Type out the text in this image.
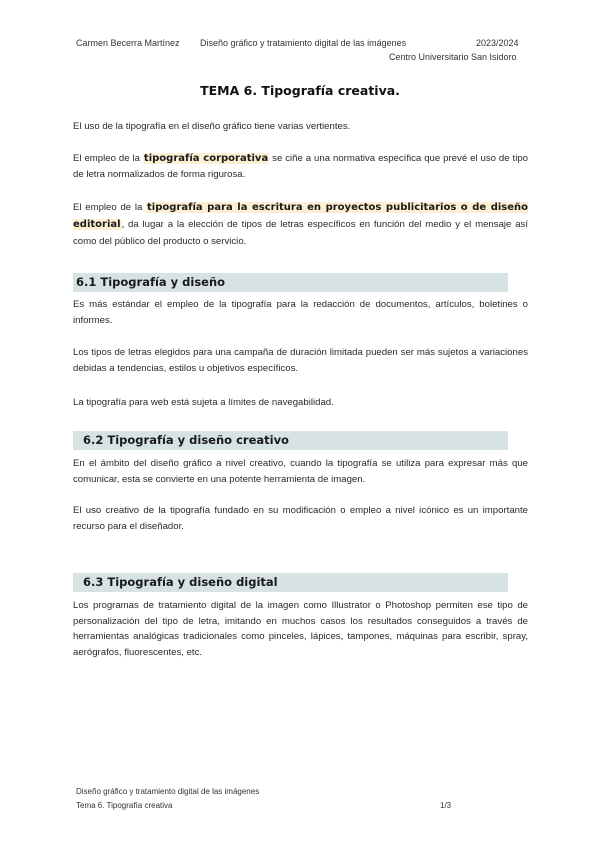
Carmen Becerra Martínez Diseño gráfico y tratamiento digital de las imágenes	2023/2024
Centro Universitario San Isidoro
TEMA 6. Tipografía creativa.
El uso de la tipografía en el diseño gráfico tiene varias vertientes.
El empleo de la tipografía corporativa se ciñe a una normativa específica que prevé el uso de tipo de letra normalizados de forma rigurosa.
El empleo de la tipografía para la escritura en proyectos publicitarios o de diseño editorial, da lugar a la elección de tipos de letras específicos en función del medio y el mensaje así como del público del producto o servicio.
6.1 Tipografía y diseño
Es más estándar el empleo de la tipografía para la redacción de documentos, artículos, boletines o informes.
Los tipos de letras elegidos para una campaña de duración limitada pueden ser más sujetos a variaciones debidas a tendencias, estilos u objetivos específicos.
La tipografía para web está sujeta a límites de navegabilidad.
6.2 Tipografía y diseño creativo
En el ámbito del diseño gráfico a nivel creativo, cuando la tipografía se utiliza para expresar más que comunicar, esta se convierte en una potente herramienta de imagen.
El uso creativo de la tipografía fundado en su modificación o empleo a nivel icónico es un importante recurso para el diseñador.
6.3 Tipografía y diseño digital
Los programas de tratamiento digital de la imagen como Illustrator o Photoshop permiten ese tipo de personalización del tipo de letra, imitando en muchos casos los resultados conseguidos a través de herramientas analógicas tradicionales como pinceles, lápices, tampones, máquinas para escribir, spray, aerógrafos, fluorescentes, etc.
Diseño gráfico y tratamiento digital de las imágenes
Tema 6. Tipografía creativa	1/3
